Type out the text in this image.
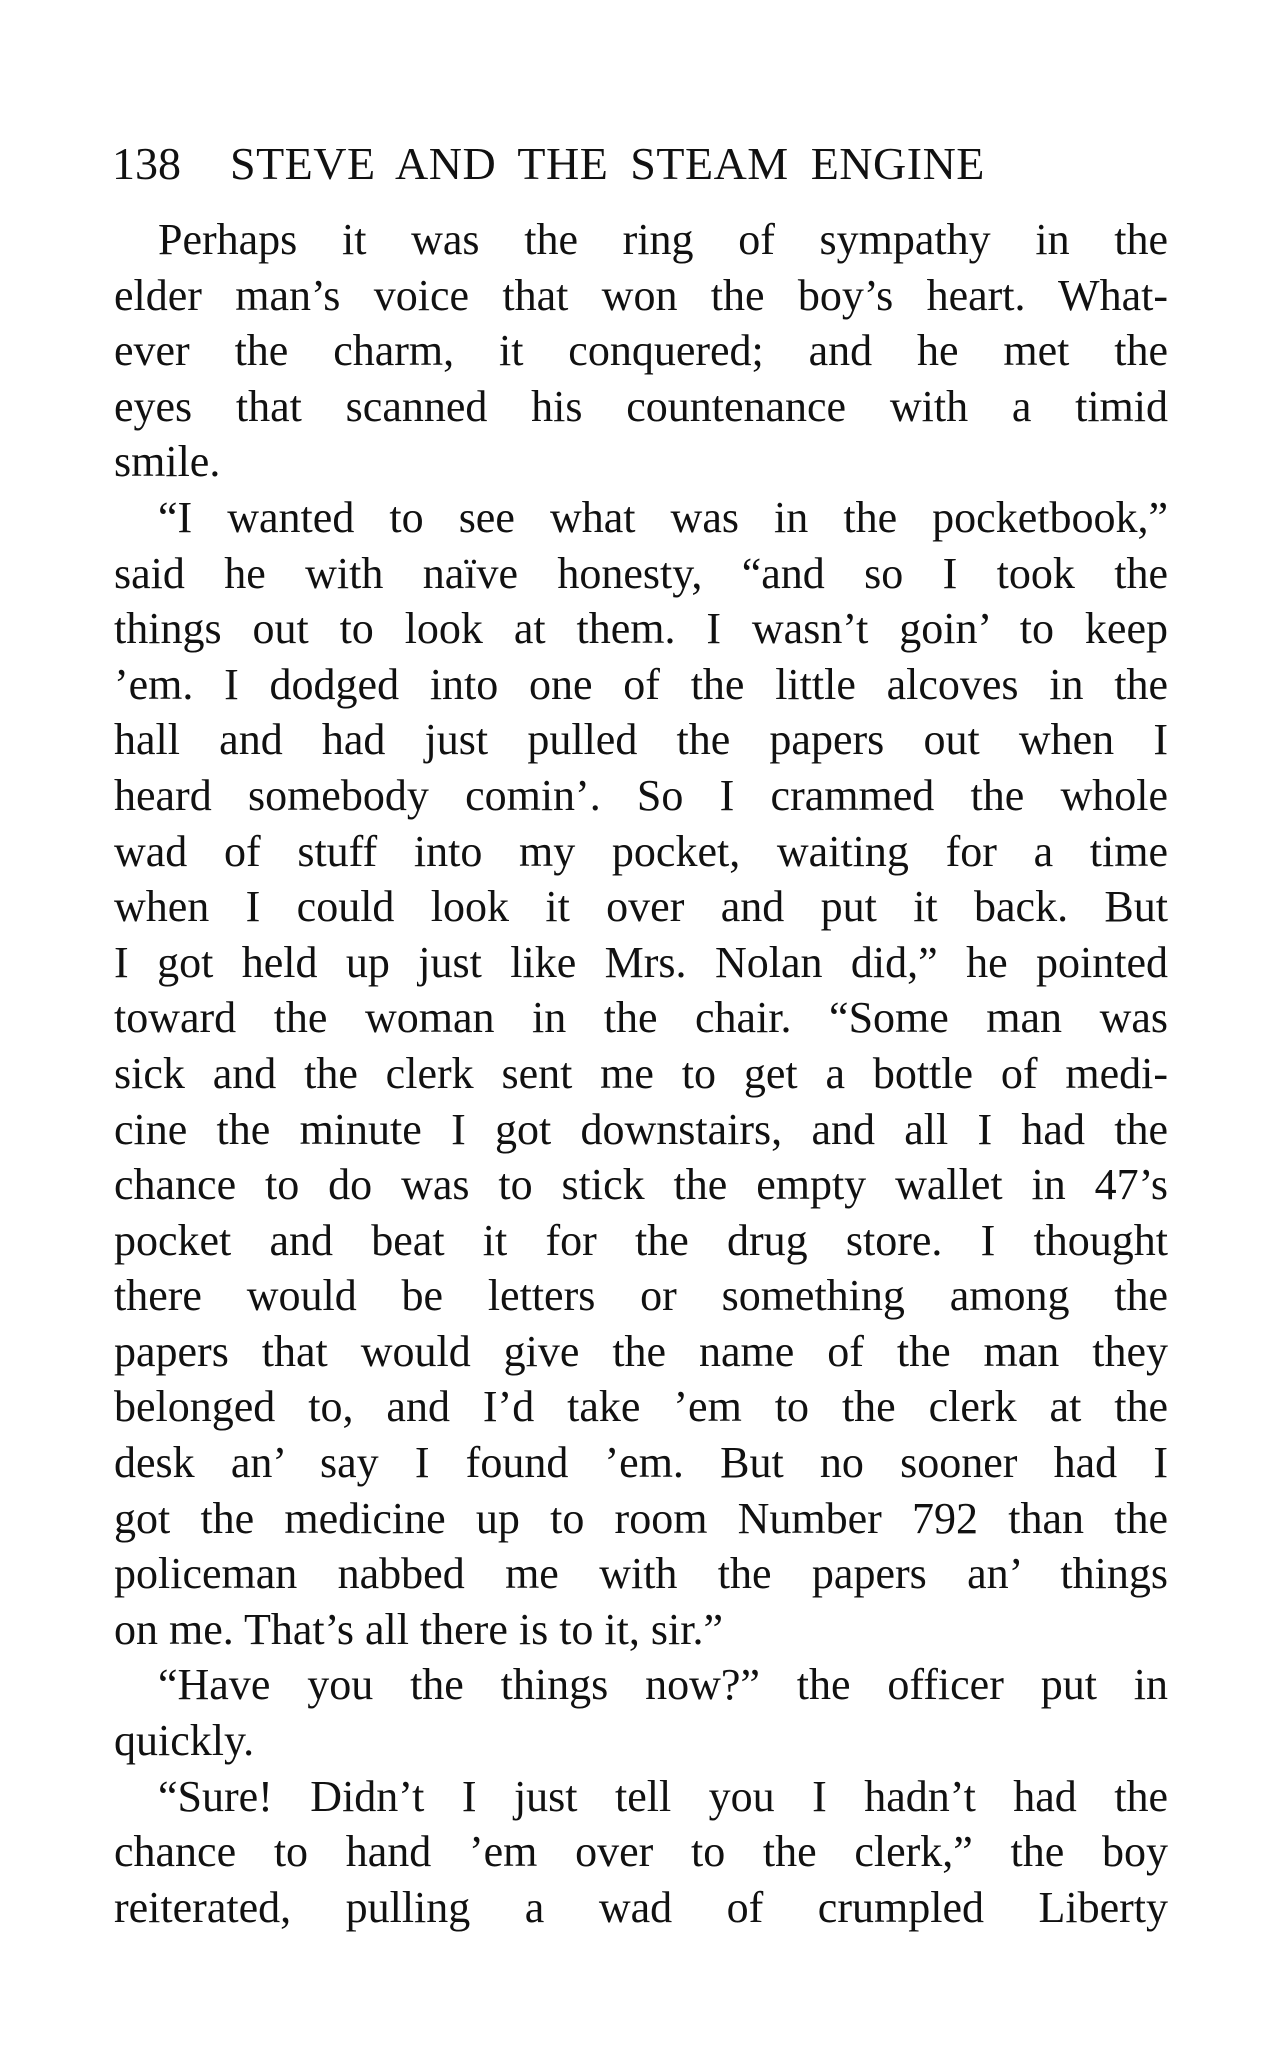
138 STEVE AND THE STEAM ENGINE
Perhaps it was the ring of sympathy in the
elder man’s voice that won the boy’s heart. What-
ever the charm, it conquered; and he met the
eyes that scanned his countenance with a timid
smile.
“I wanted to see what was in the pocketbook,”
said he with naïve honesty, “and so I took the
things out to look at them. I wasn’t goin’ to keep
’em. I dodged into one of the little alcoves in the
hall and had just pulled the papers out when I
heard somebody comin’. So I crammed the whole
wad of stuff into my pocket, waiting for a time
when I could look it over and put it back. But
I got held up just like Mrs. Nolan did,” he pointed
toward the woman in the chair. “Some man was
sick and the clerk sent me to get a bottle of medi-
cine the minute I got downstairs, and all I had the
chance to do was to stick the empty wallet in 47’s
pocket and beat it for the drug store. I thought
there would be letters or something among the
papers that would give the name of the man they
belonged to, and I’d take ’em to the clerk at the
desk an’ say I found ’em. But no sooner had I
got the medicine up to room Number 792 than the
policeman nabbed me with the papers an’ things
on me. That’s all there is to it, sir.”
“Have you the things now?” the officer put in
quickly.
“Sure! Didn’t I just tell you I hadn’t had the
chance to hand ’em over to the clerk,” the boy
reiterated, pulling a wad of crumpled Liberty
